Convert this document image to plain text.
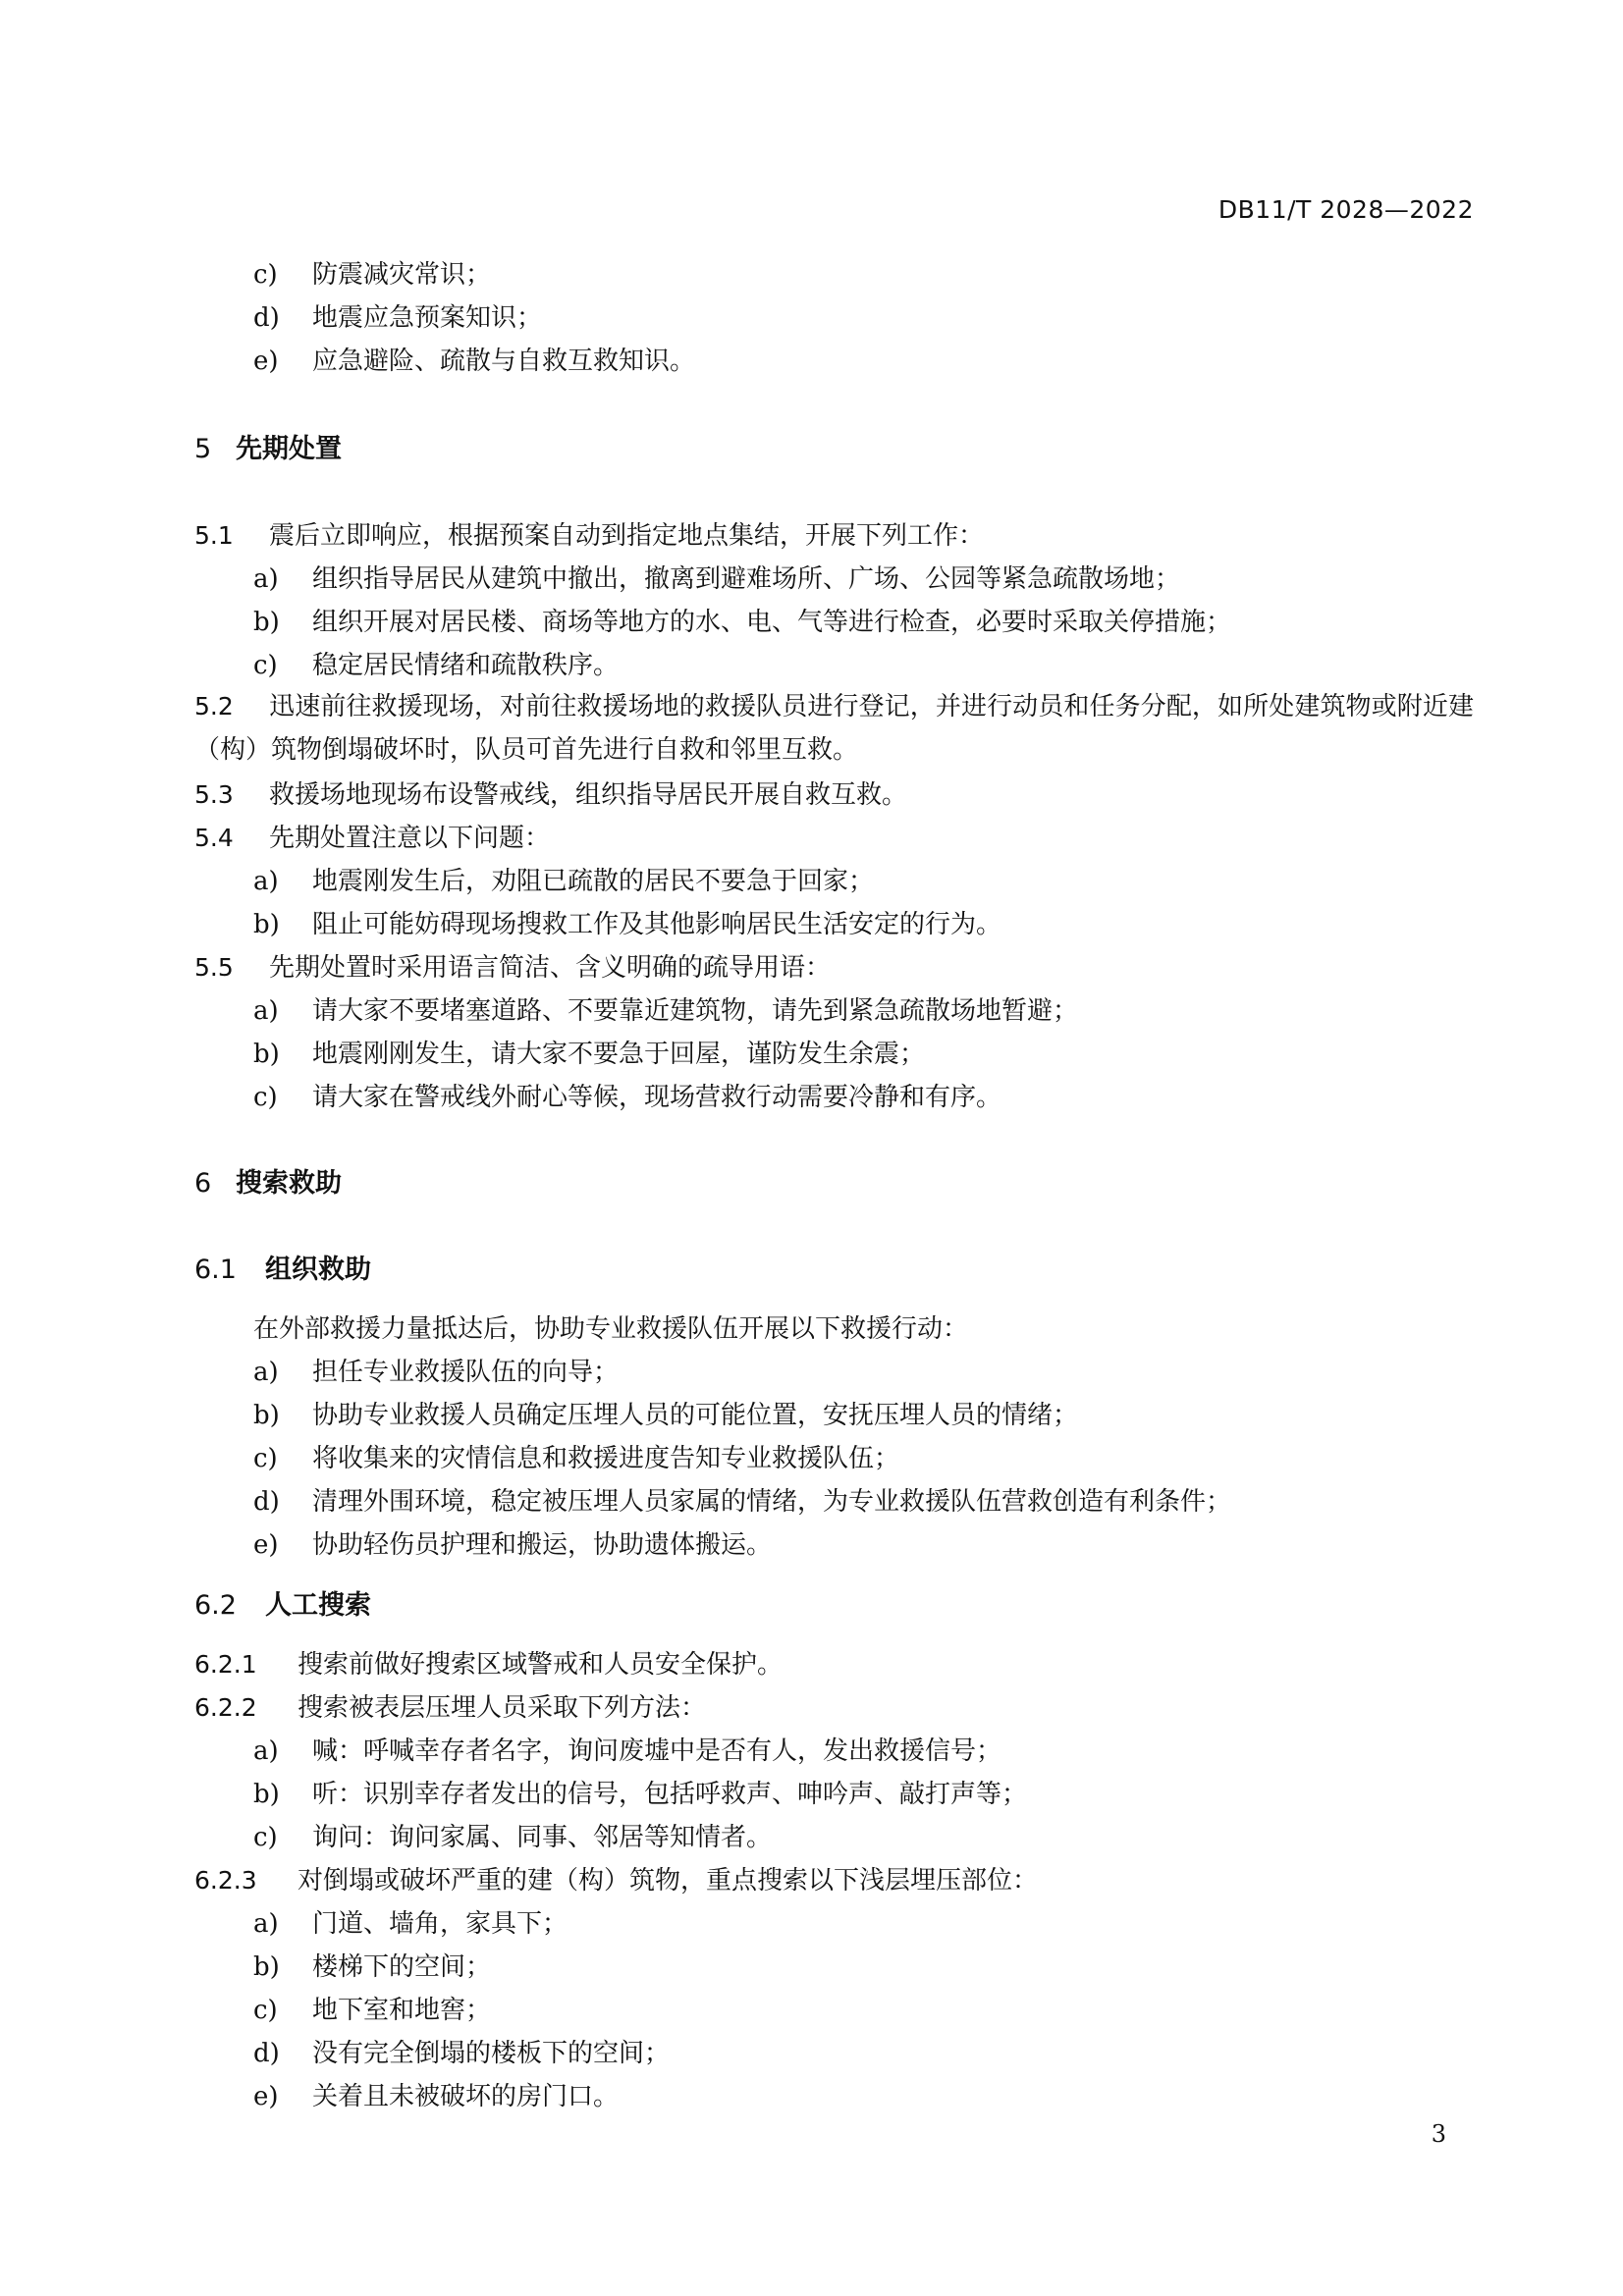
DB11/T 2028—2022
c) 防震减灾常识；
d) 地震应急预案知识；
e) 应急避险、疏散与自救互救知识。
5 先期处置
5.1 震后立即响应，根据预案自动到指定地点集结，开展下列工作：
a) 组织指导居民从建筑中撤出，撤离到避难场所、广场、公园等紧急疏散场地；
b) 组织开展对居民楼、商场等地方的水、电、气等进行检查，必要时采取关停措施；
c) 稳定居民情绪和疏散秩序。
5.2 迅速前往救援现场，对前往救援场地的救援队员进行登记，并进行动员和任务分配，如所处建筑物或附近建（构）筑物倒塌破坏时，队员可首先进行自救和邻里互救。
5.3 救援场地现场布设警戒线，组织指导居民开展自救互救。
5.4 先期处置注意以下问题：
a) 地震刚发生后，劝阻已疏散的居民不要急于回家；
b) 阻止可能妨碍现场搜救工作及其他影响居民生活安定的行为。
5.5 先期处置时采用语言简洁、含义明确的疏导用语：
a) 请大家不要堵塞道路、不要靠近建筑物，请先到紧急疏散场地暂避；
b) 地震刚刚发生，请大家不要急于回屋，谨防发生余震；
c) 请大家在警戒线外耐心等候，现场营救行动需要冷静和有序。
6 搜索救助
6.1 组织救助
在外部救援力量抵达后，协助专业救援队伍开展以下救援行动：
a) 担任专业救援队伍的向导；
b) 协助专业救援人员确定压埋人员的可能位置，安抚压埋人员的情绪；
c) 将收集来的灾情信息和救援进度告知专业救援队伍；
d) 清理外围环境，稳定被压埋人员家属的情绪，为专业救援队伍营救创造有利条件；
e) 协助轻伤员护理和搬运，协助遗体搬运。
6.2 人工搜索
6.2.1 搜索前做好搜索区域警戒和人员安全保护。
6.2.2 搜索被表层压埋人员采取下列方法：
a) 喊：呼喊幸存者名字，询问废墟中是否有人，发出救援信号；
b) 听：识别幸存者发出的信号，包括呼救声、呻吟声、敲打声等；
c) 询问：询问家属、同事、邻居等知情者。
6.2.3 对倒塌或破坏严重的建（构）筑物，重点搜索以下浅层埋压部位：
a) 门道、墙角，家具下；
b) 楼梯下的空间；
c) 地下室和地窖；
d) 没有完全倒塌的楼板下的空间；
e) 关着且未被破坏的房门口。
3
